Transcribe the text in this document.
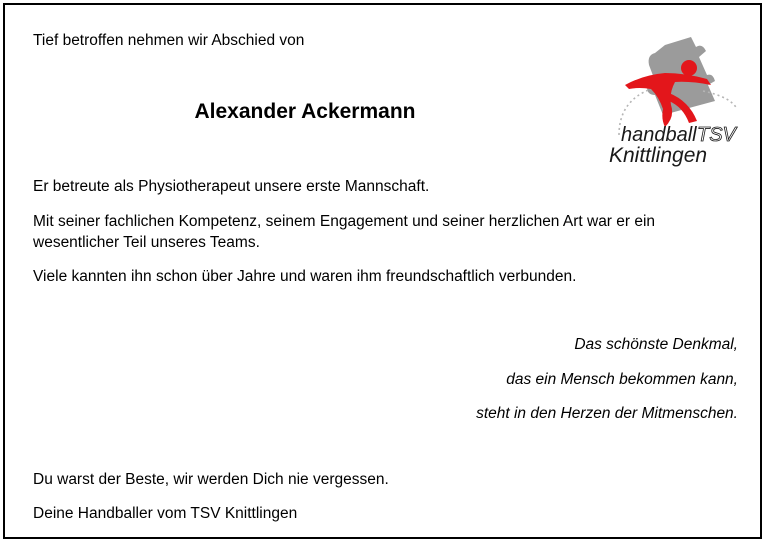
Tief betroffen nehmen wir Abschied von

Alexander Ackermann

Er betreute als Physiotherapeut unsere erste Mannschaft.

Mit seiner fachlichen Kompetenz, seinem Engagement und seiner herzlichen Art war er ein wesentlicher Teil unseres Teams.

Viele kannten ihn schon über Jahre und waren ihm freundschaftlich verbunden.

Das schönste Denkmal,

das ein Mensch bekommen kann,

steht in den Herzen der Mitmenschen.

Du warst der Beste, wir werden Dich nie vergessen.

Deine Handballer vom TSV Knittlingen

handball TSV
Knittlingen
